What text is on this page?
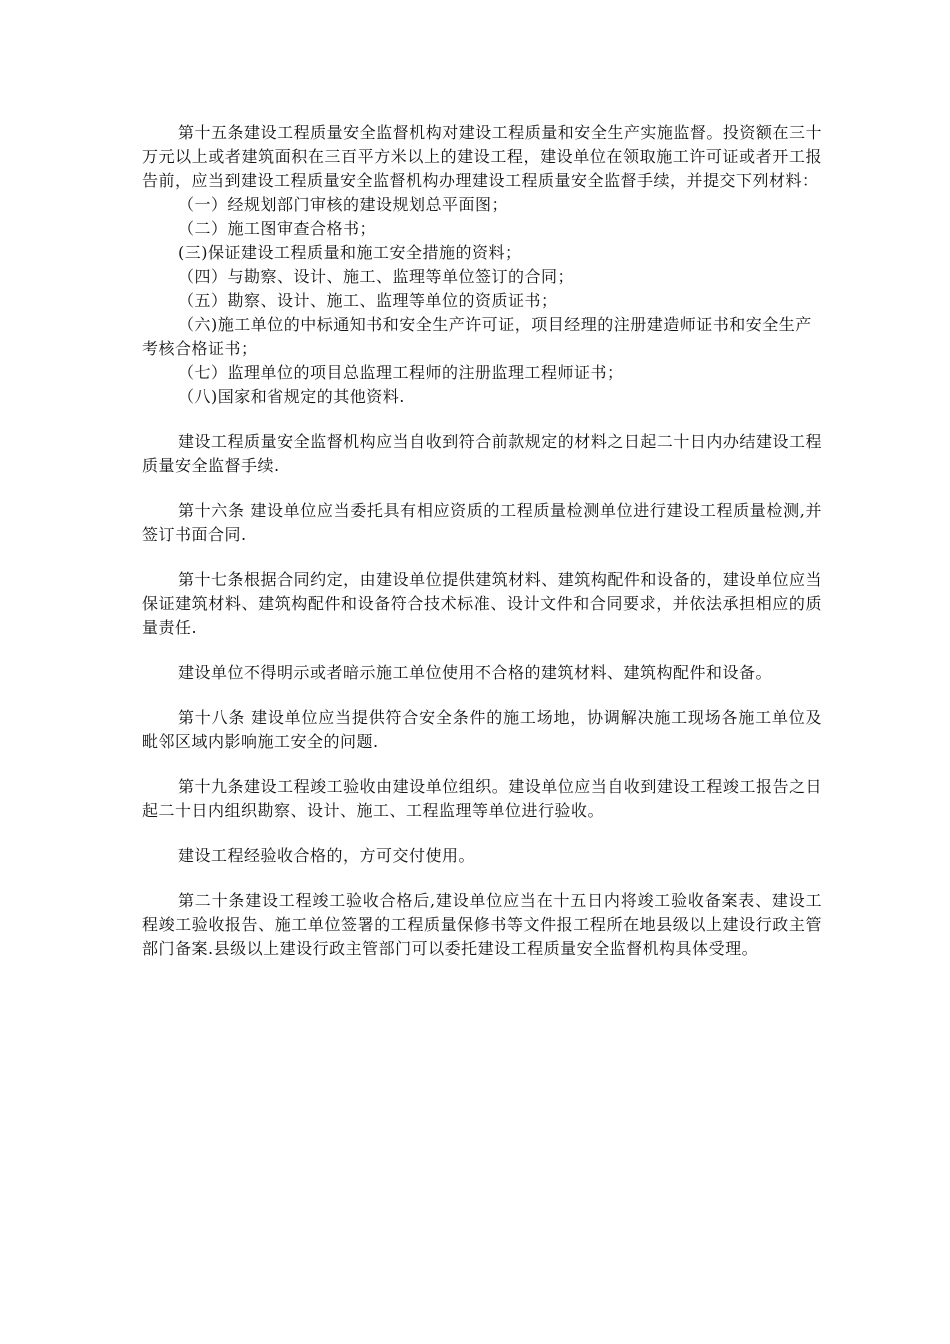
第十五条建设工程质量安全监督机构对建设工程质量和安全生产实施监督。投资额在三十万元以上或者建筑面积在三百平方米以上的建设工程，建设单位在领取施工许可证或者开工报告前，应当到建设工程质量安全监督机构办理建设工程质量安全监督手续，并提交下列材料：

（一）经规划部门审核的建设规划总平面图；

（二）施工图审查合格书；

(三)保证建设工程质量和施工安全措施的资料；

（四）与勘察、设计、施工、监理等单位签订的合同；

（五）勘察、设计、施工、监理等单位的资质证书；

（六)施工单位的中标通知书和安全生产许可证，项目经理的注册建造师证书和安全生产考核合格证书；

（七）监理单位的项目总监理工程师的注册监理工程师证书；

（八)国家和省规定的其他资料.

建设工程质量安全监督机构应当自收到符合前款规定的材料之日起二十日内办结建设工程质量安全监督手续.

第十六条 建设单位应当委托具有相应资质的工程质量检测单位进行建设工程质量检测,并签订书面合同.

第十七条根据合同约定，由建设单位提供建筑材料、建筑构配件和设备的，建设单位应当保证建筑材料、建筑构配件和设备符合技术标准、设计文件和合同要求，并依法承担相应的质量责任.

建设单位不得明示或者暗示施工单位使用不合格的建筑材料、建筑构配件和设备。

第十八条 建设单位应当提供符合安全条件的施工场地，协调解决施工现场各施工单位及毗邻区域内影响施工安全的问题.

第十九条建设工程竣工验收由建设单位组织。建设单位应当自收到建设工程竣工报告之日起二十日内组织勘察、设计、施工、工程监理等单位进行验收。

建设工程经验收合格的，方可交付使用。

第二十条建设工程竣工验收合格后,建设单位应当在十五日内将竣工验收备案表、建设工程竣工验收报告、施工单位签署的工程质量保修书等文件报工程所在地县级以上建设行政主管部门备案.县级以上建设行政主管部门可以委托建设工程质量安全监督机构具体受理。
